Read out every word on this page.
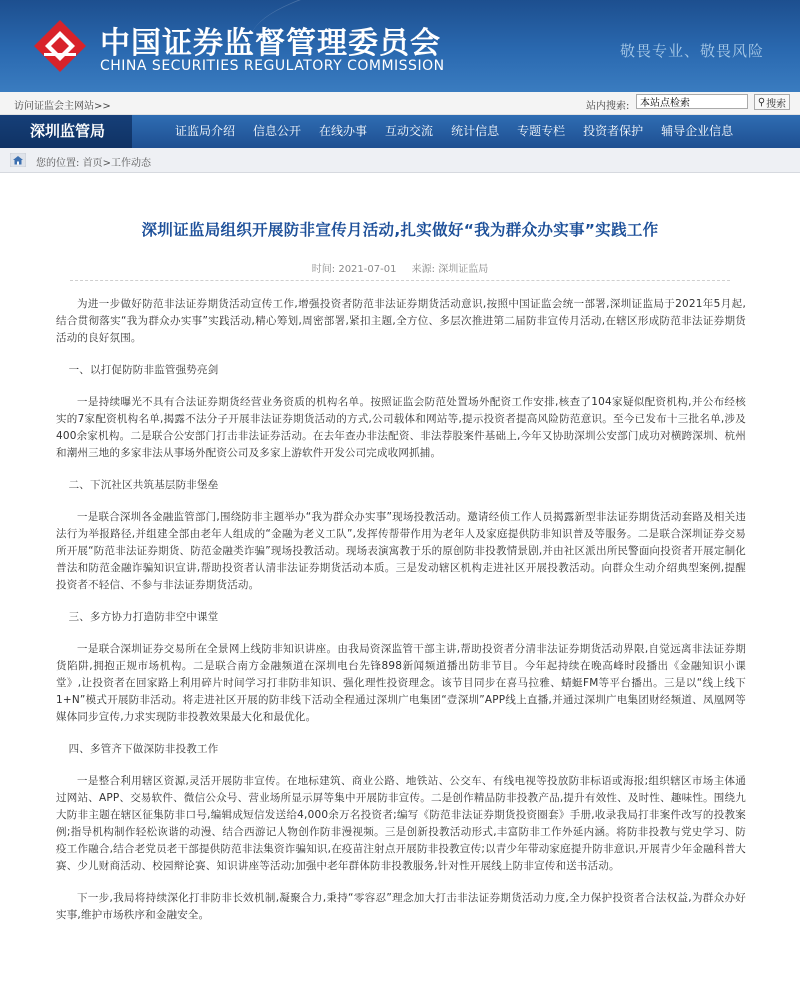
中国证券监督管理委员会
CHINA SECURITIES REGULATORY COMMISSION
敬畏专业、敬畏风险
访问证监会主网站>>	站内搜索:
本站点检索	⚲ 搜索
深圳监管局	证监局介绍	信息公开	在线办事	互动交流	统计信息	专题专栏	投资者保护	辅导企业信息
您的位置: 首页>工作动态
深圳证监局组织开展防非宣传月活动,扎实做好“我为群众办实事”实践工作
时间: 2021-07-01 来源: 深圳证监局

为进一步做好防范非法证券期货活动宣传工作,增强投资者防范非法证券期货活动意识,按照中国证监会统一部署,深圳证监局于2021年5月起,结合贯彻落实“我为群众办实事”实践活动,精心筹划,周密部署,紧扣主题,全方位、多层次推进第二届防非宣传月活动,在辖区形成防范非法证券期货活动的良好氛围。

一、以打促防防非监管强势亮剑

一是持续曝光不具有合法证券期货经营业务资质的机构名单。按照证监会防范处置场外配资工作安排,核查了104家疑似配资机构,并公布经核实的7家配资机构名单,揭露不法分子开展非法证券期货活动的方式,公司载体和网站等,提示投资者提高风险防范意识。至今已发布十三批名单,涉及400余家机构。二是联合公安部门打击非法证券活动。在去年查办非法配资、非法荐股案件基础上,今年又协助深圳公安部门成功对横跨深圳、杭州和潮州三地的多家非法从事场外配资公司及多家上游软件开发公司完成收网抓捕。

二、下沉社区共筑基层防非堡垒

一是联合深圳各金融监管部门,围绕防非主题举办“我为群众办实事”现场投教活动。邀请经侦工作人员揭露新型非法证券期货活动套路及相关违法行为举报路径,并组建全部由老年人组成的“金融为老义工队”,发挥传帮带作用为老年人及家庭提供防非知识普及等服务。二是联合深圳证券交易所开展“防范非法证券期货、防范金融类诈骗”现场投教活动。现场表演寓教于乐的原创防非投教情景剧,并由社区派出所民警面向投资者开展定制化普法和防范金融诈骗知识宣讲,帮助投资者认清非法证券期货活动本质。三是发动辖区机构走进社区开展投教活动。向群众生动介绍典型案例,提醒投资者不轻信、不参与非法证券期货活动。

三、多方协力打造防非空中课堂

一是联合深圳证券交易所在全景网上线防非知识讲座。由我局资深监管干部主讲,帮助投资者分清非法证券期货活动界限,自觉远离非法证券期货陷阱,拥抱正规市场机构。二是联合南方金融频道在深圳电台先锋898新闻频道播出防非节目。今年起持续在晚高峰时段播出《金融知识小课堂》,让投资者在回家路上利用碎片时间学习打非防非知识、强化理性投资理念。该节目同步在喜马拉雅、蜻蜓FM等平台播出。三是以“线上线下1+N”模式开展防非活动。将走进社区开展的防非线下活动全程通过深圳广电集团“壹深圳”APP线上直播,并通过深圳广电集团财经频道、凤凰网等媒体同步宣传,力求实现防非投教效果最大化和最优化。

四、多管齐下做深防非投教工作

一是整合利用辖区资源,灵活开展防非宣传。在地标建筑、商业公路、地铁站、公交车、有线电视等投放防非标语或海报;组织辖区市场主体通过网站、APP、交易软件、微信公众号、营业场所显示屏等集中开展防非宣传。二是创作精品防非投教产品,提升有效性、及时性、趣味性。围绕九大防非主题在辖区征集防非口号,编辑成短信发送给4,000余万名投资者;编写《防范非法证券期货投资圈套》手册,收录我局打非案件改写的投教案例;指导机构制作轻松诙谐的动漫、结合西游记人物创作防非漫视频。三是创新投教活动形式,丰富防非工作外延内涵。将防非投教与党史学习、防疫工作融合,结合老党员老干部提供防范非法集资诈骗知识,在疫苗注射点开展防非投教宣传;以青少年带动家庭提升防非意识,开展青少年金融科普大赛、少儿财商活动、校园辩论赛、知识讲座等活动;加强中老年群体防非投教服务,针对性开展线上防非宣传和送书活动。

下一步,我局将持续深化打非防非长效机制,凝聚合力,秉持“零容忍”理念加大打击非法证券期货活动力度,全力保护投资者合法权益,为群众办好实事,维护市场秩序和金融安全。
